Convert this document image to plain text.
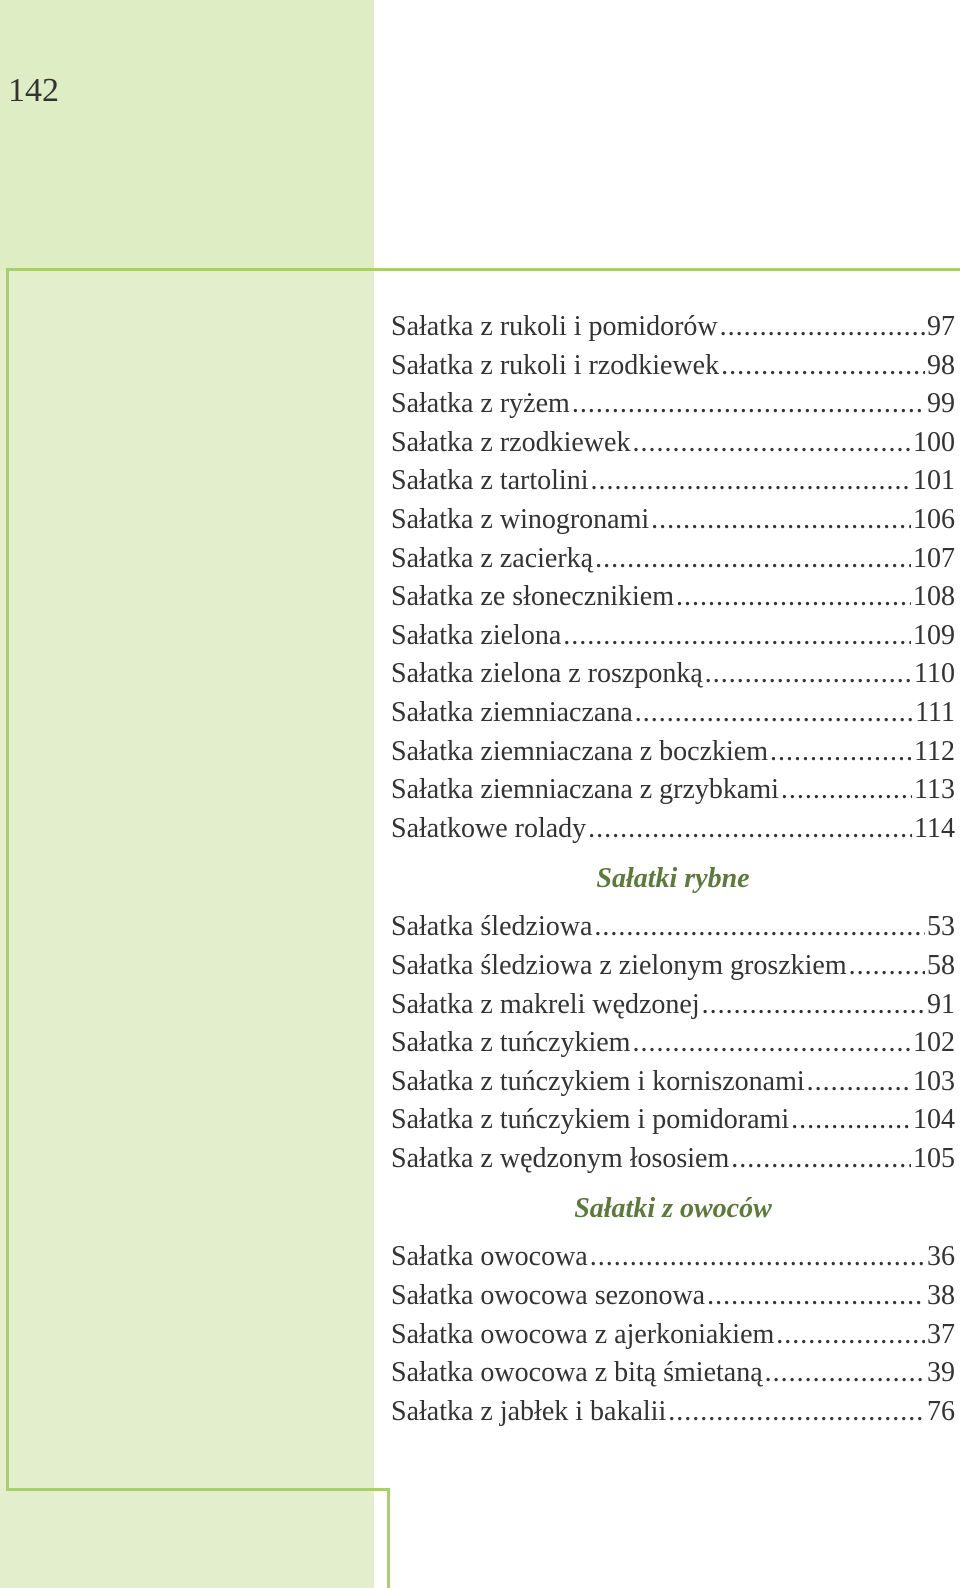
142
Sałatka z rukoli i pomidorów .....	97
Sałatka z rukoli i rzodkiewek .....	98
Sałatka z ryżem .....	99
Sałatka z rzodkiewek .....	100
Sałatka z tartolini .....	101
Sałatka z winogronami .....	106
Sałatka z zacierką .....	107
Sałatka ze słonecznikiem .....	108
Sałatka zielona .....	109
Sałatka zielona z roszponką .....	110
Sałatka ziemniaczana .....	111
Sałatka ziemniaczana z boczkiem .....	112
Sałatka ziemniaczana z grzybkami .....	113
Sałatkowe rolady .....	114
Sałatki rybne
Sałatka śledziowa .....	53
Sałatka śledziowa z zielonym groszkiem .....	58
Sałatka z makreli wędzonej .....	91
Sałatka z tuńczykiem .....	102
Sałatka z tuńczykiem i korniszonami .....	103
Sałatka z tuńczykiem i pomidorami .....	104
Sałatka z wędzonym łososiem .....	105
Sałatki z owoców
Sałatka owocowa .....	36
Sałatka owocowa sezonowa .....	38
Sałatka owocowa z ajerkoniakiem .....	37
Sałatka owocowa z bitą śmietaną .....	39
Sałatka z jabłek i bakalii .....	76
